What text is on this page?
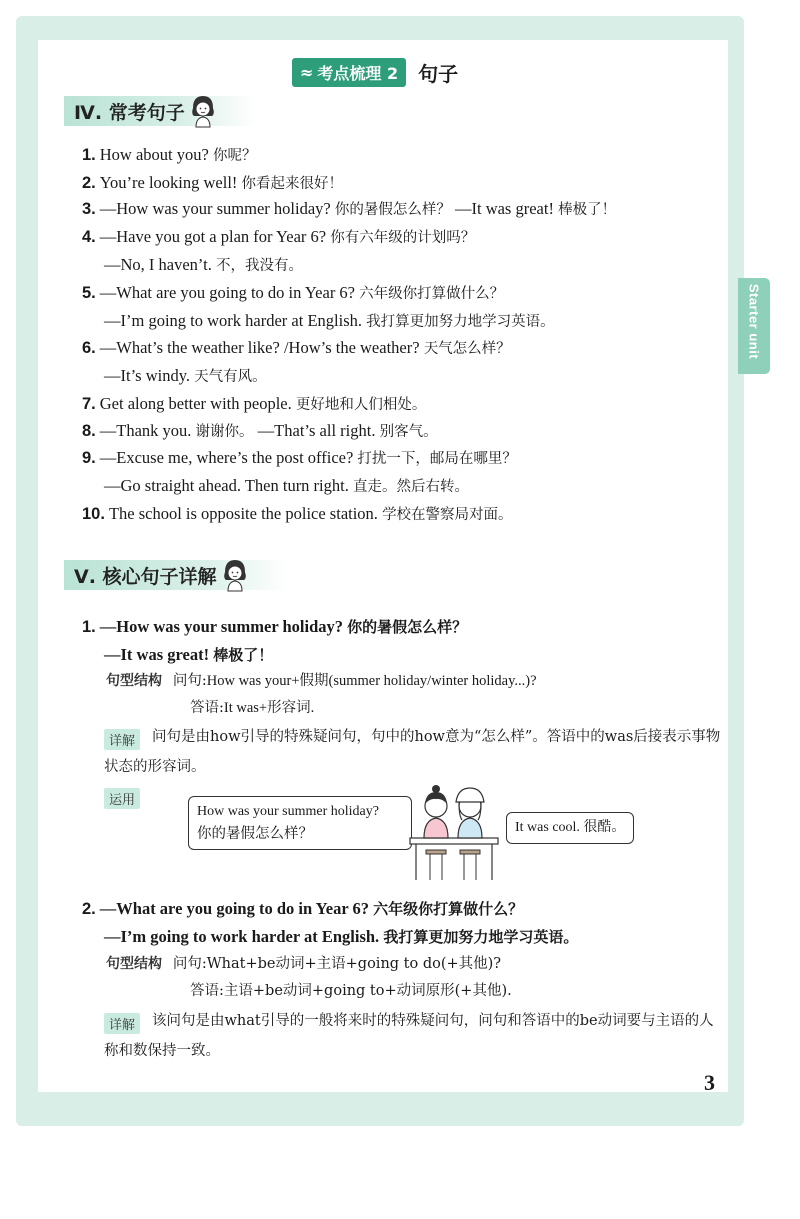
Starter unit
≈ 考点梳理 2 句子
Ⅳ. 常考句子
1. How about you? 你呢？
2. You’re looking well! 你看起来很好！
3. —How was your summer holiday? 你的暑假怎么样？ —It was great! 棒极了！
4. —Have you got a plan for Year 6? 你有六年级的计划吗？
—No, I haven’t. 不，我没有。
5. —What are you going to do in Year 6? 六年级你打算做什么？
—I’m going to work harder at English. 我打算更加努力地学习英语。
6. —What’s the weather like? /How’s the weather? 天气怎么样？
—It’s windy. 天气有风。
7. Get along better with people. 更好地和人们相处。
8. —Thank you. 谢谢你。 —That’s all right. 别客气。
9. —Excuse me, where’s the post office? 打扰一下，邮局在哪里？
—Go straight ahead. Then turn right. 直走。然后右转。
10. The school is opposite the police station. 学校在警察局对面。
Ⅴ. 核心句子详解
1. —How was your summer holiday? 你的暑假怎么样？
—It was great! 棒极了！
句型结构 问句:How was your+假期(summer holiday/winter holiday...)?
答语:It was+形容词.
详解	问句是由how引导的特殊疑问句，句中的how意为“怎么样”。答语中的was后接表示事物状态的形容词。
运用
How was your summer holiday?
你的暑假怎么样？	It was cool. 很酷。
2. —What are you going to do in Year 6? 六年级你打算做什么？
—I’m going to work harder at English. 我打算更加努力地学习英语。
句型结构 问句:What+be动词+主语+going to do(+其他)?
答语:主语+be动词+going to+动词原形(+其他).
详解	该问句是由what引导的一般将来时的特殊疑问句，问句和答语中的be动词要与主语的人称和数保持一致。
3
